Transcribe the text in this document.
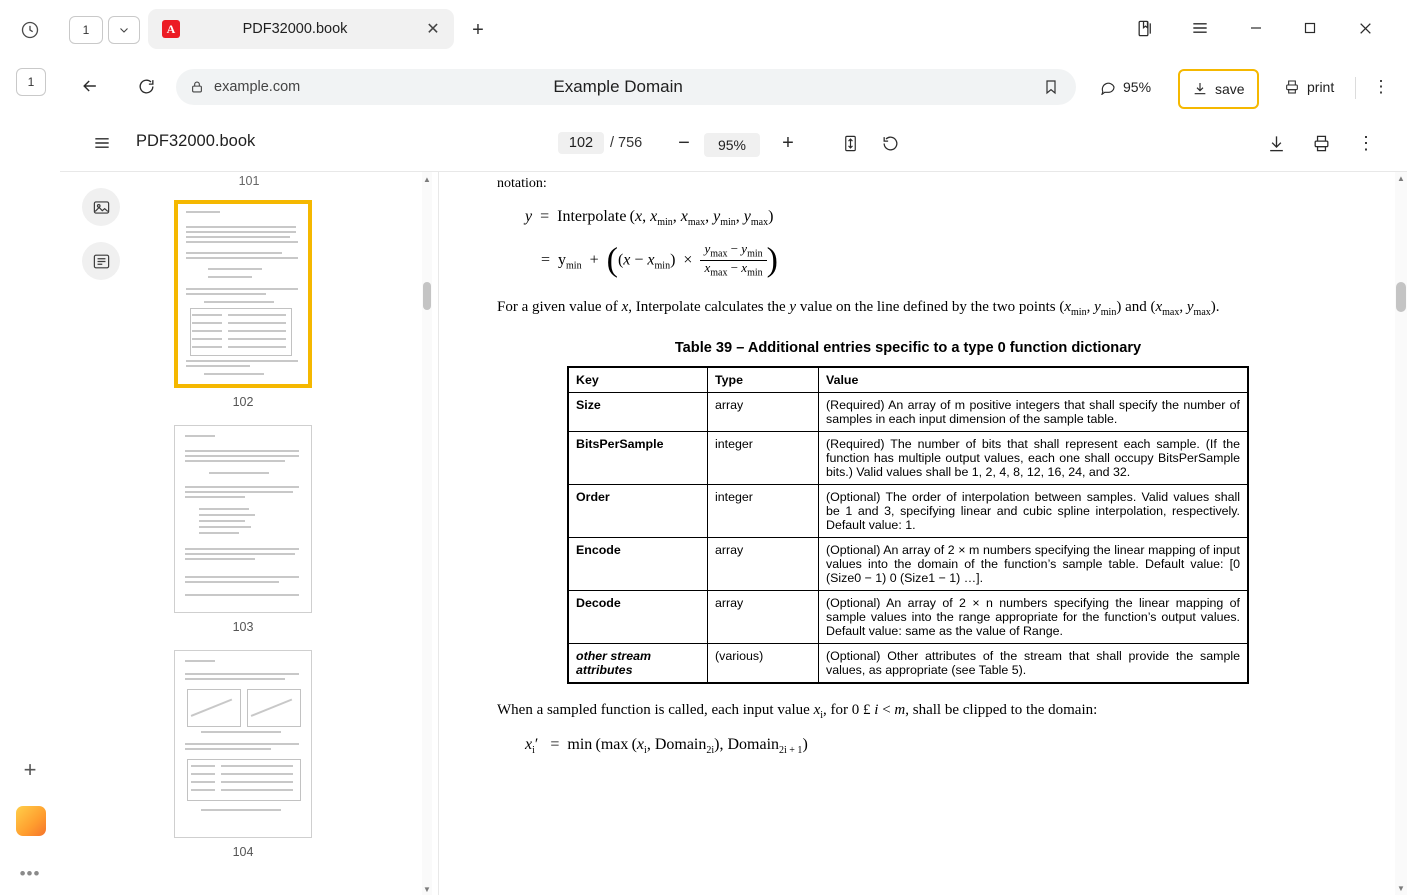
1
+
•••
1	A	PDF32000.book	✕ +
example.com	Example Domain	95%	save	print ⋮
PDF32000.book	102	/ 756 −	95%	+	⋮
101
102
103
104
▲
▼
notation:
y  =  Interpolate (x, $x_{min}$, $x_{max}$, $y_{min}$, $y_{max}$)
=  $y_{min} + ((x - x_{min}) \times \frac{y_{max} - y_{min}}{x_{max} - x_{min}}$ )
For a given value of x, Interpolate calculates the y value on the line defined by the two points ($x_{min}$, $y_{min}$) and ($x_{max}$, $y_{max}$).
Table 39 – Additional entries specific to a type 0 function dictionary
Key	Type	Value
Size	array	(Required) An array of m positive integers that shall specify the number of samples in each input dimension of the sample table.
BitsPerSample	integer	(Required) The number of bits that shall represent each sample. (If the function has multiple output values, each one shall occupy BitsPerSample bits.) Valid values shall be 1, 2, 4, 8, 12, 16, 24, and 32.
Order	integer	(Optional) The order of interpolation between samples. Valid values shall be 1 and 3, specifying linear and cubic spline interpolation, respectively. Default value: 1.
Encode	array	(Optional) An array of 2 × m numbers specifying the linear mapping of input values into the domain of the function’s sample table. Default value: [0 (Size0 − 1) 0 (Size1 − 1) …].
Decode	array	(Optional) An array of 2 × n numbers specifying the linear mapping of sample values into the range appropriate for the function’s output values. Default value: same as the value of Range.
other stream attributes	(various)	(Optional) Other attributes of the stream that shall provide the sample values, as appropriate (see Table 5).
When a sampled function is called, each input value $x_i$, for 0 £ i < m, shall be clipped to the domain:
$x_i' = \min (\max$ ($x_i$, Domain$_{2i}$), Domain$_{2i + 1}$)
▲
▼
